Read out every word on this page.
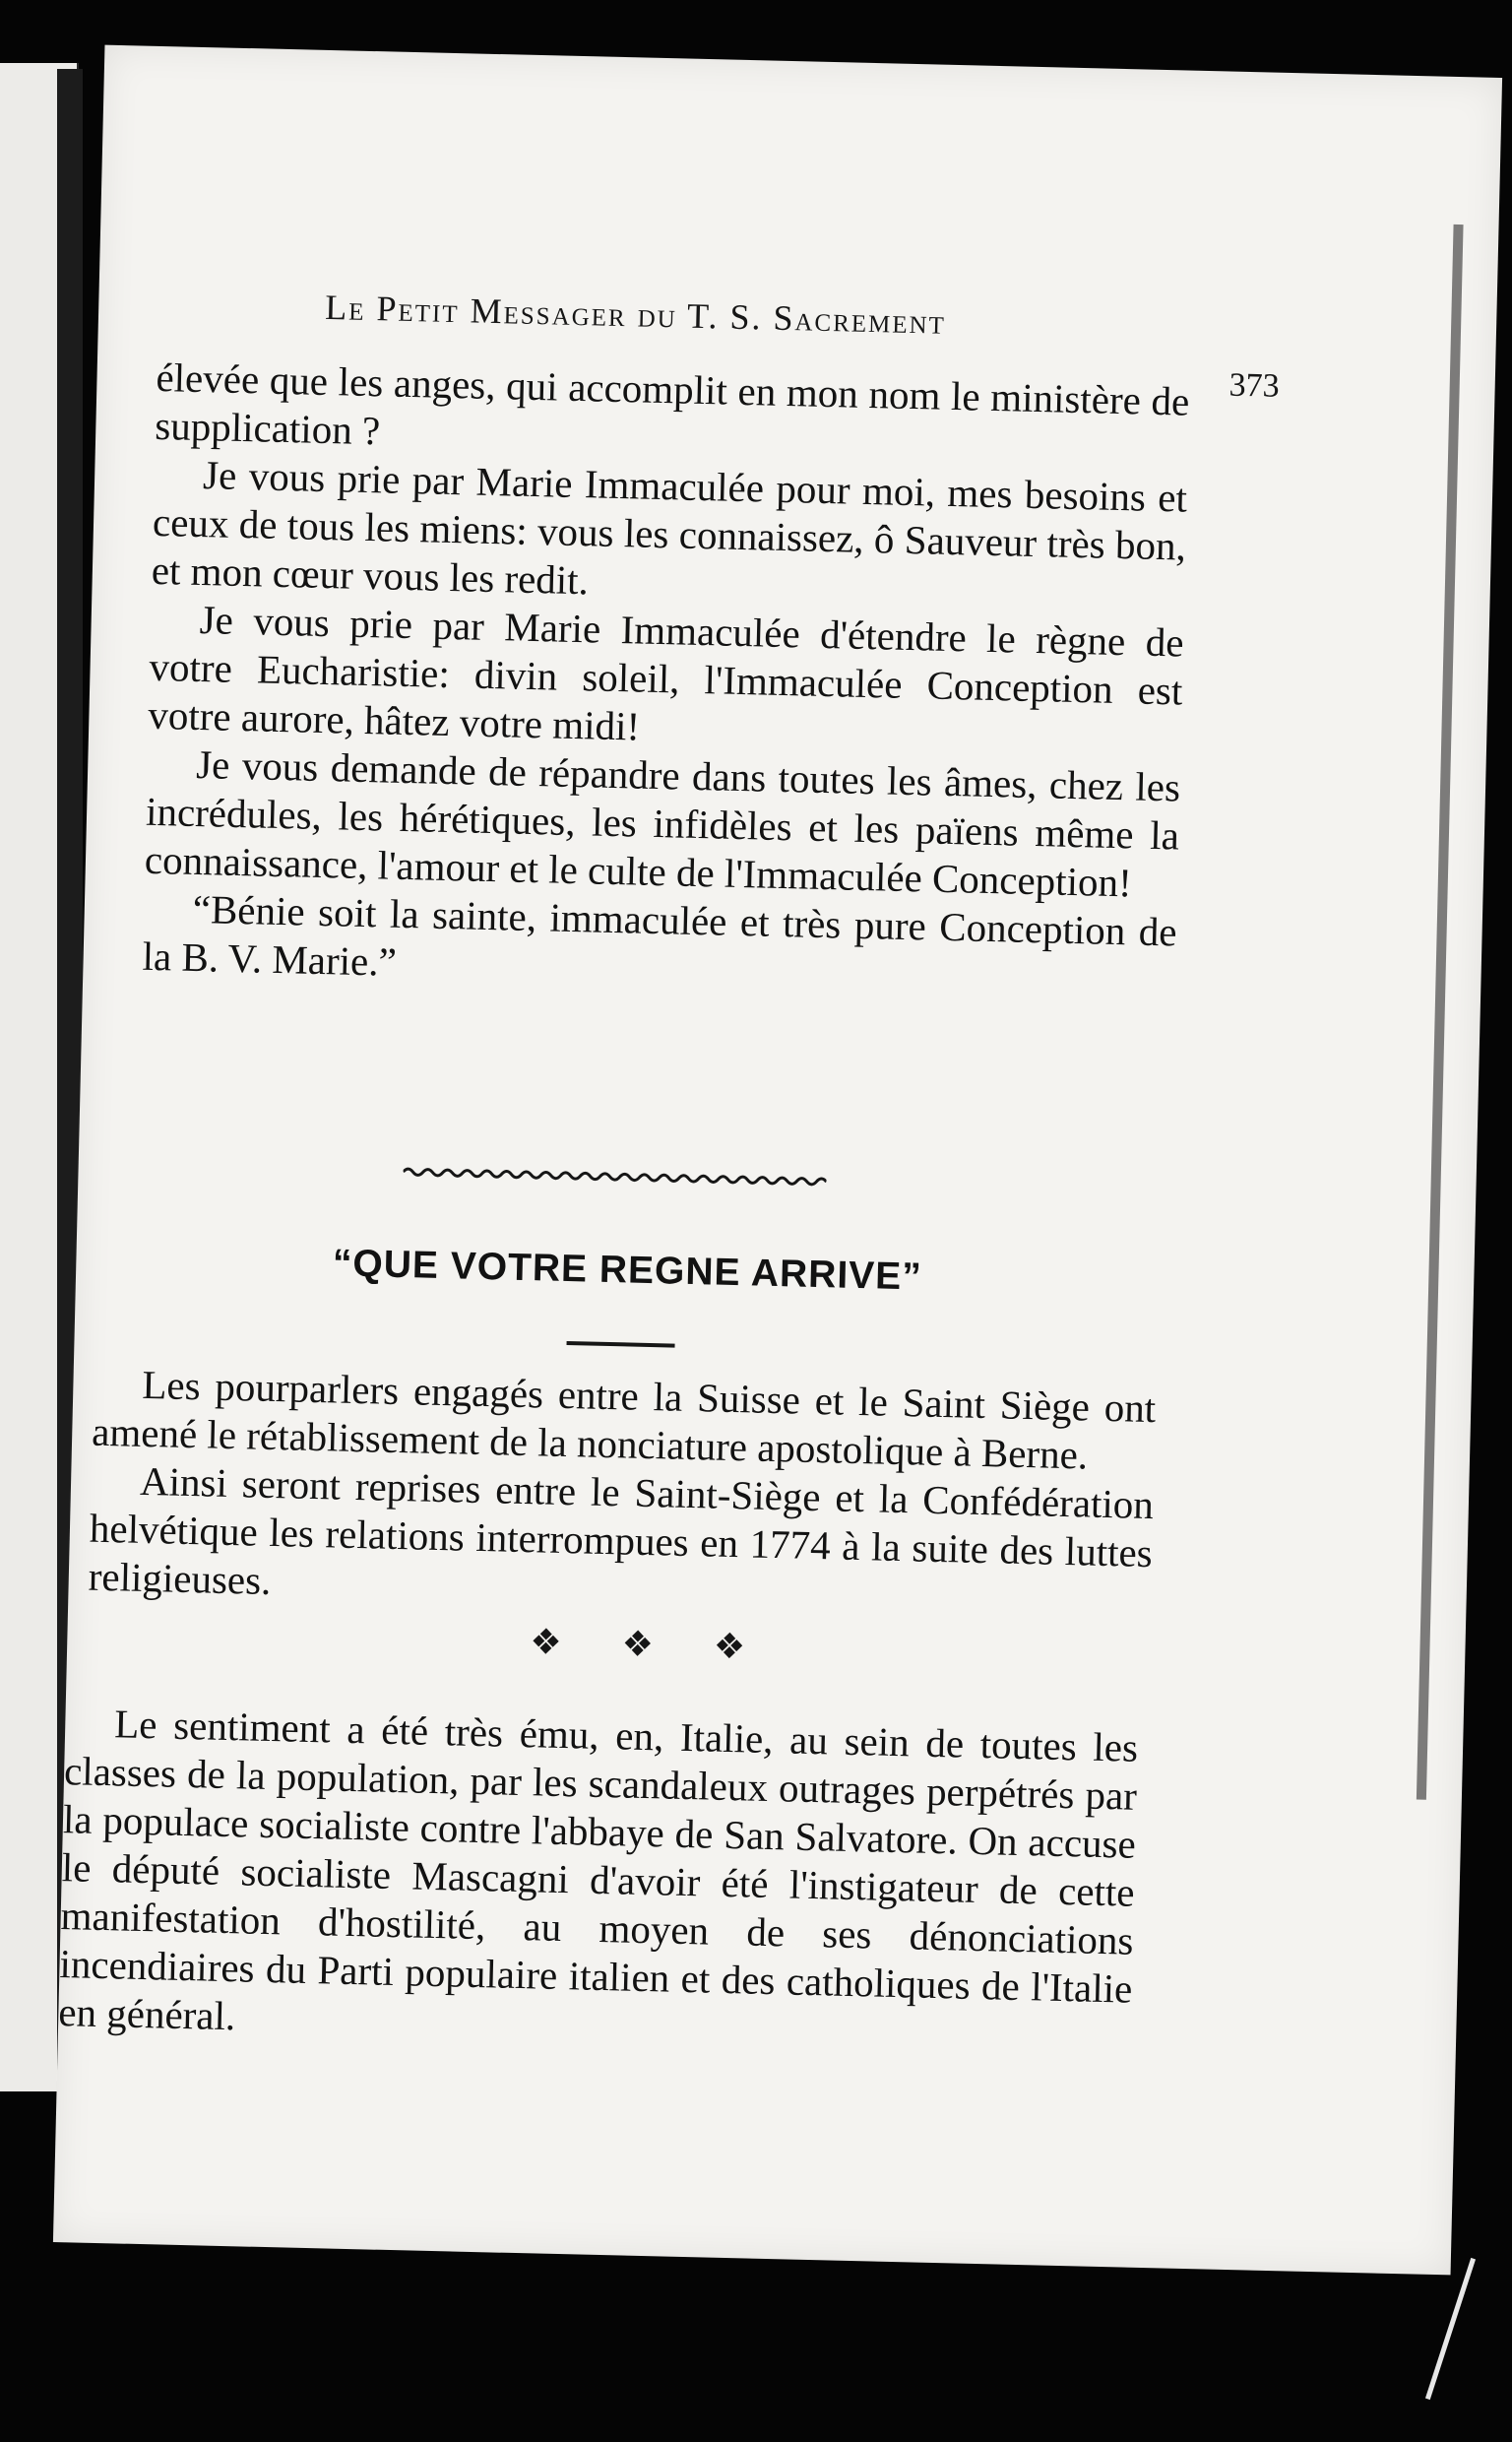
Le Petit Messager du T. S. Sacrement
373

élevée que les anges, qui accomplit en mon nom le ministère de supplication ?

Je vous prie par Marie Immaculée pour moi, mes besoins et ceux de tous les miens: vous les connaissez, ô Sauveur très bon, et mon cœur vous les redit.

Je vous prie par Marie Immaculée d'étendre le règne de votre Eucharistie: divin soleil, l'Immaculée Conception est votre aurore, hâtez votre midi!

Je vous demande de répandre dans toutes les âmes, chez les incrédules, les hérétiques, les infidèles et les païens même la connaissance, l'amour et le culte de l'Immaculée Conception!

“Bénie soit la sainte, immaculée et très pure Conception de la B. V. Marie.”

“QUE VOTRE REGNE ARRIVE”

Les pourparlers engagés entre la Suisse et le Saint Siège ont amené le rétablissement de la nonciature apostolique à Berne.

Ainsi seront reprises entre le Saint-Siège et la Confédération helvétique les relations interrompues en 1774 à la suite des luttes religieuses.

❖ ❖ ❖

Le sentiment a été très ému, en, Italie, au sein de toutes les classes de la population, par les scandaleux outrages perpétrés par la populace socialiste contre l'abbaye de San Salvatore. On accuse le député socialiste Mascagni d'avoir été l'instigateur de cette manifestation d'hostilité, au moyen de ses dénonciations incendiaires du Parti populaire italien et des catholiques de l'Italie en général.
